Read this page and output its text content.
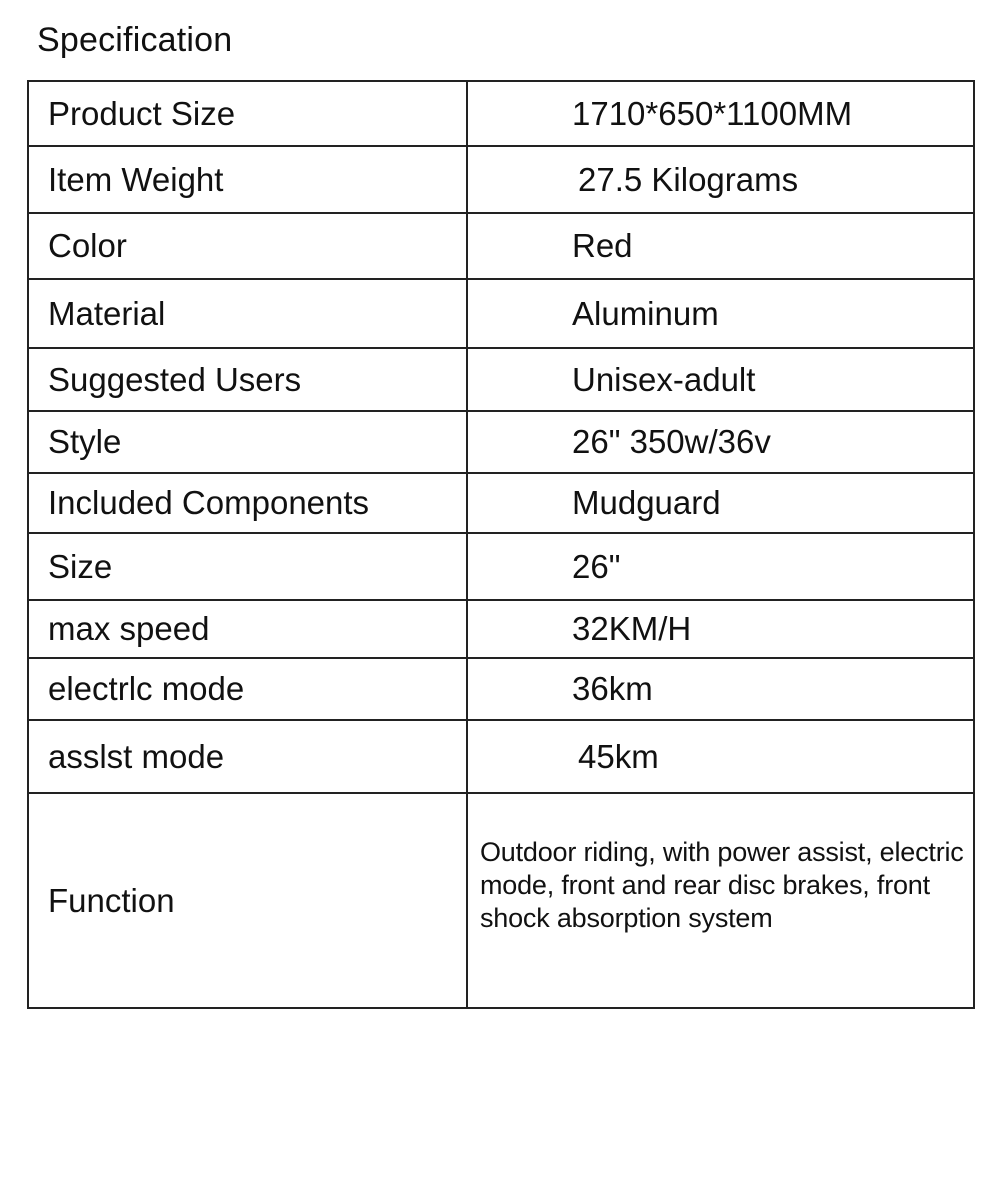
Specification
Product Size	1710*650*1100MM
Item Weight	27.5 Kilograms
Color	Red
Material	Aluminum
Suggested Users	Unisex-adult
Style	26" 350w/36v
Included Components	Mudguard
Size	26"
max speed	32KM/H
electrlc mode	36km
asslst mode	45km
Function	Outdoor riding, with power assist, electric mode, front and rear disc brakes, front shock absorption system
